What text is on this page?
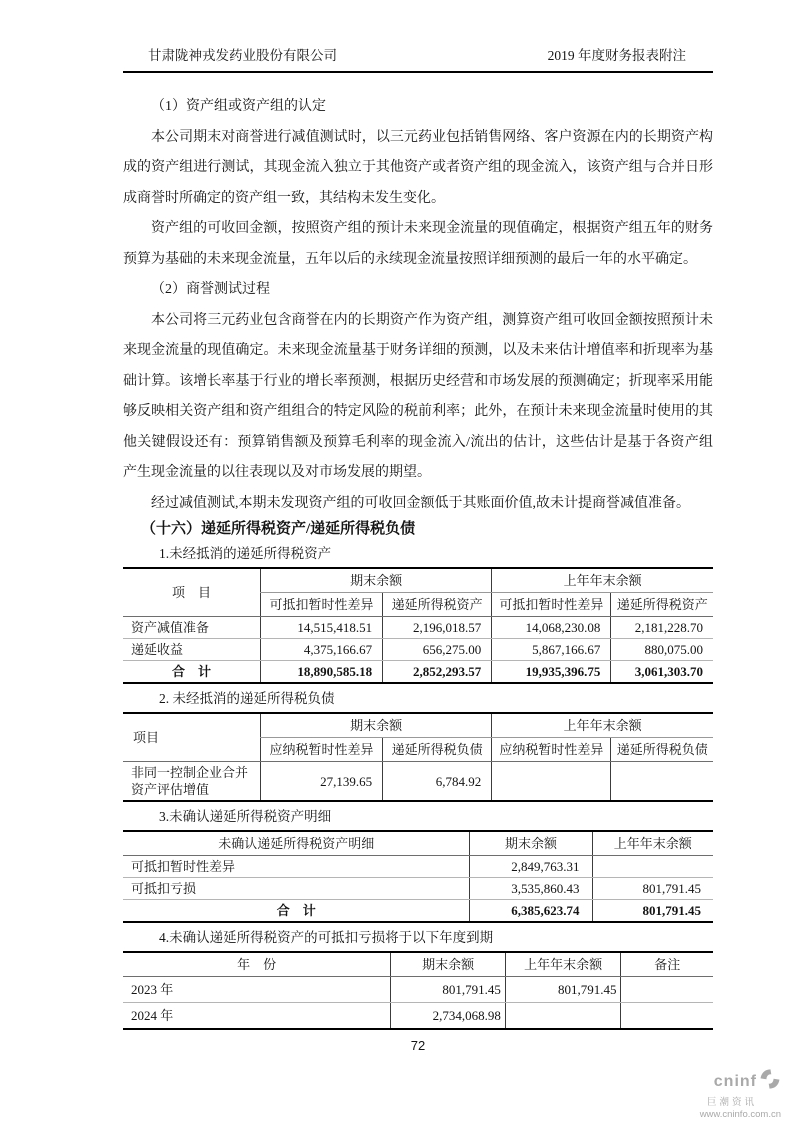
甘肃陇神戎发药业股份有限公司	2019 年度财务报表附注

（1）资产组或资产组的认定

本公司期末对商誉进行减值测试时，以三元药业包括销售网络、客户资源在内的长期资产构成的资产组进行测试，其现金流入独立于其他资产或者资产组的现金流入，该资产组与合并日形成商誉时所确定的资产组一致，其结构未发生变化。

资产组的可收回金额，按照资产组的预计未来现金流量的现值确定，根据资产组五年的财务预算为基础的未来现金流量，五年以后的永续现金流量按照详细预测的最后一年的水平确定。

（2）商誉测试过程

本公司将三元药业包含商誉在内的长期资产作为资产组，测算资产组可收回金额按照预计未来现金流量的现值确定。未来现金流量基于财务详细的预测，以及未来估计增值率和折现率为基础计算。该增长率基于行业的增长率预测，根据历史经营和市场发展的预测确定；折现率采用能够反映相关资产组和资产组组合的特定风险的税前利率；此外，在预计未来现金流量时使用的其他关键假设还有：预算销售额及预算毛利率的现金流入/流出的估计，这些估计是基于各资产组产生现金流量的以往表现以及对市场发展的期望。

经过减值测试,本期未发现资产组的可收回金额低于其账面价值,故未计提商誉减值准备。

（十六）递延所得税资产/递延所得税负债

1.未经抵消的递延所得税资产

项　目	期末余额		上年年末余额	
	可抵扣暂时性差异	递延所得税资产	可抵扣暂时性差异	递延所得税资产
资产减值准备	14,515,418.51	2,196,018.57	14,068,230.08	2,181,228.70
递延收益	4,375,166.67	656,275.00	5,867,166.67	880,075.00
合　计	18,890,585.18	2,852,293.57	19,935,396.75	3,061,303.70

2. 未经抵消的递延所得税负债

项目	期末余额		上年年末余额	
	应纳税暂时性差异	递延所得税负债	应纳税暂时性差异	递延所得税负债
非同一控制企业合并资产评估增值	27,139.65	6,784.92		

3.未确认递延所得税资产明细

未确认递延所得税资产明细	期末余额	上年年末余额
可抵扣暂时性差异	2,849,763.31	
可抵扣亏损	3,535,860.43	801,791.45
合　计	6,385,623.74	801,791.45

4.未确认递延所得税资产的可抵扣亏损将于以下年度到期

年　份	期末余额	上年年末余额	备注
2023 年	801,791.45	801,791.45	
2024 年	2,734,068.98		
72
cninf
巨潮资讯
www.cninfo.com.cn
